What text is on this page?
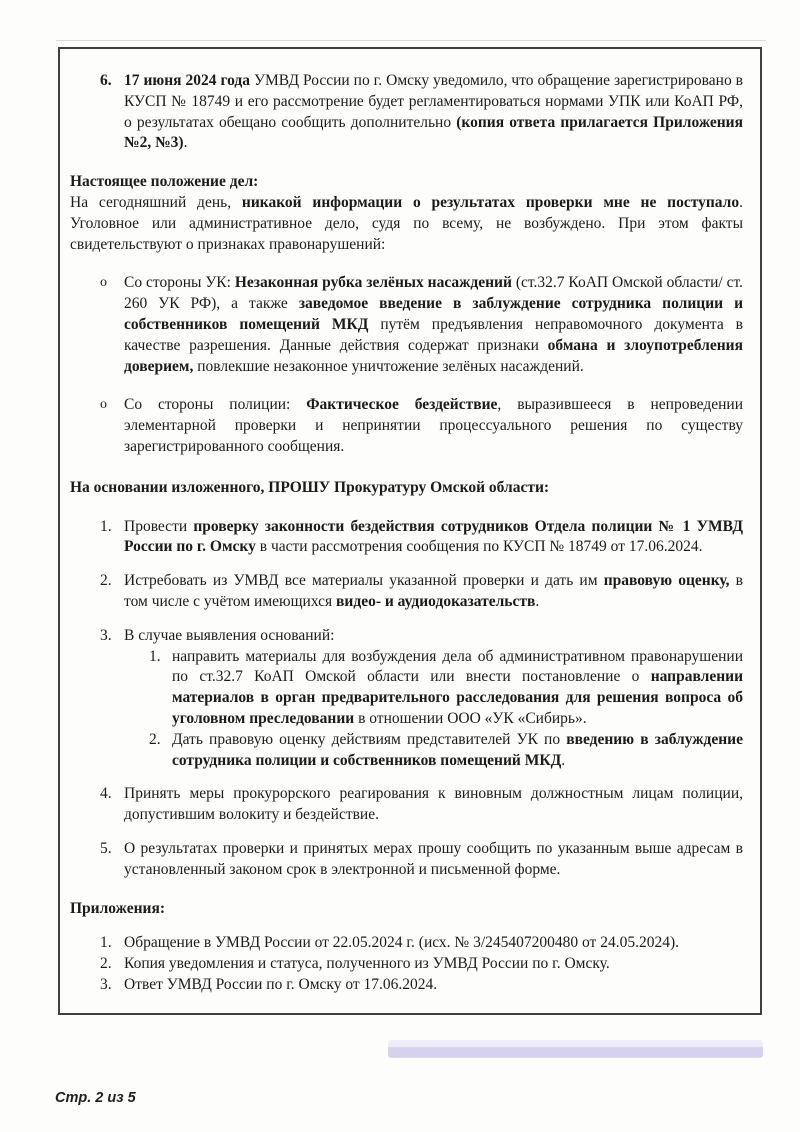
6. 17 июня 2024 года УМВД России по г. Омску уведомило, что обращение зарегистрировано в КУСП № 18749 и его рассмотрение будет регламентироваться нормами УПК или КоАП РФ, о результатах обещано сообщить дополнительно (копия ответа прилагается Приложения №2, №3).

Настоящее положение дел:

На сегодняшний день, никакой информации о результатах проверки мне не поступало. Уголовное или административное дело, судя по всему, не возбуждено. При этом факты свидетельствуют о признаках правонарушений:
o	Со стороны УК: Незаконная рубка зелёных насаждений (ст.32.7 КоАП Омской области/ ст. 260 УК РФ), а также заведомое введение в заблуждение сотрудника полиции и собственников помещений МКД путём предъявления неправомочного документа в качестве разрешения. Данные действия содержат признаки обмана и злоупотребления доверием, повлекшие незаконное уничтожение зелёных насаждений.
o	Со стороны полиции: Фактическое бездействие, выразившееся в непроведении элементарной проверки и непринятии процессуального решения по существу зарегистрированного сообщения.

На основании изложенного, ПРОШУ Прокуратуру Омской области:

1. Провести проверку законности бездействия сотрудников Отдела полиции № 1 УМВД России по г. Омску в части рассмотрения сообщения по КУСП № 18749 от 17.06.2024.
2. Истребовать из УМВД все материалы указанной проверки и дать им правовую оценку, в том числе с учётом имеющихся видео- и аудиодоказательств.
3. В случае выявления оснований:
1. направить материалы для возбуждения дела об административном правонарушении по ст.32.7 КоАП Омской области или внести постановление о направлении материалов в орган предварительного расследования для решения вопроса об уголовном преследовании в отношении ООО «УК «Сибирь».
2. Дать правовую оценку действиям представителей УК по введению в заблуждение сотрудника полиции и собственников помещений МКД.
4. Принять меры прокурорского реагирования к виновным должностным лицам полиции, допустившим волокиту и бездействие.
5. О результатах проверки и принятых мерах прошу сообщить по указанным выше адресам в установленный законом срок в электронной и письменной форме.

Приложения:

1. Обращение в УМВД России от 22.05.2024 г. (исх. № 3/245407200480 от 24.05.2024).
2. Копия уведомления и статуса, полученного из УМВД России по г. Омску.
3. Ответ УМВД России по г. Омску от 17.06.2024.
Стр. 2 из 5
